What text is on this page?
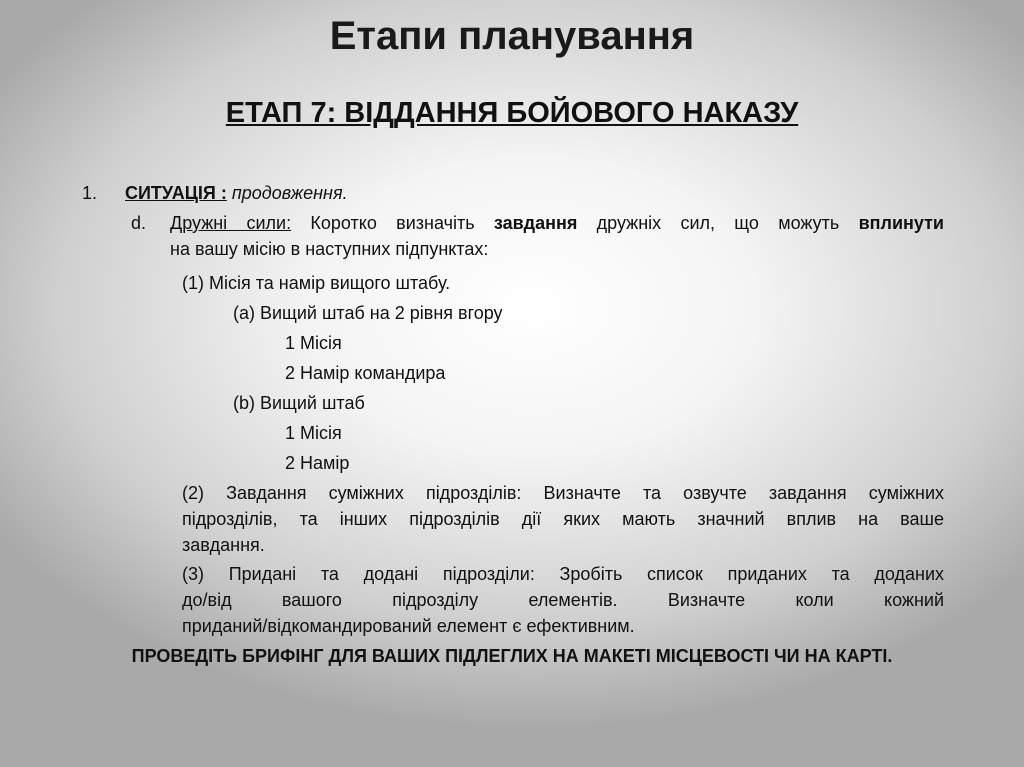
Етапи планування
ЕТАП 7: ВІДДАННЯ БОЙОВОГО НАКАЗУ
1. СИТУАЦІЯ : продовження.
d. Дружні сили: Коротко визначіть завдання дружніх сил, що можуть вплинути
на вашу місію в наступних підпунктах:
(1) Місія та намір вищого штабу.
(a) Вищий штаб на 2 рівня вгору
1 Місія
2 Намір командира
(b) Вищий штаб
1 Місія
2 Намір
(2) Завдання суміжних підрозділів: Визначте та озвучте завдання суміжних
підрозділів, та інших підрозділів дії яких мають значний вплив на ваше
завдання.
(3) Придані та додані підрозділи: Зробіть список приданих та доданих
до/від вашого підрозділу елементів. Визначте коли кожний
приданий/відкомандирований елемент є ефективним.
ПРОВЕДІТЬ БРИФІНГ ДЛЯ ВАШИХ ПІДЛЕГЛИХ НА МАКЕТІ МІСЦЕВОСТІ ЧИ НА КАРТІ.
